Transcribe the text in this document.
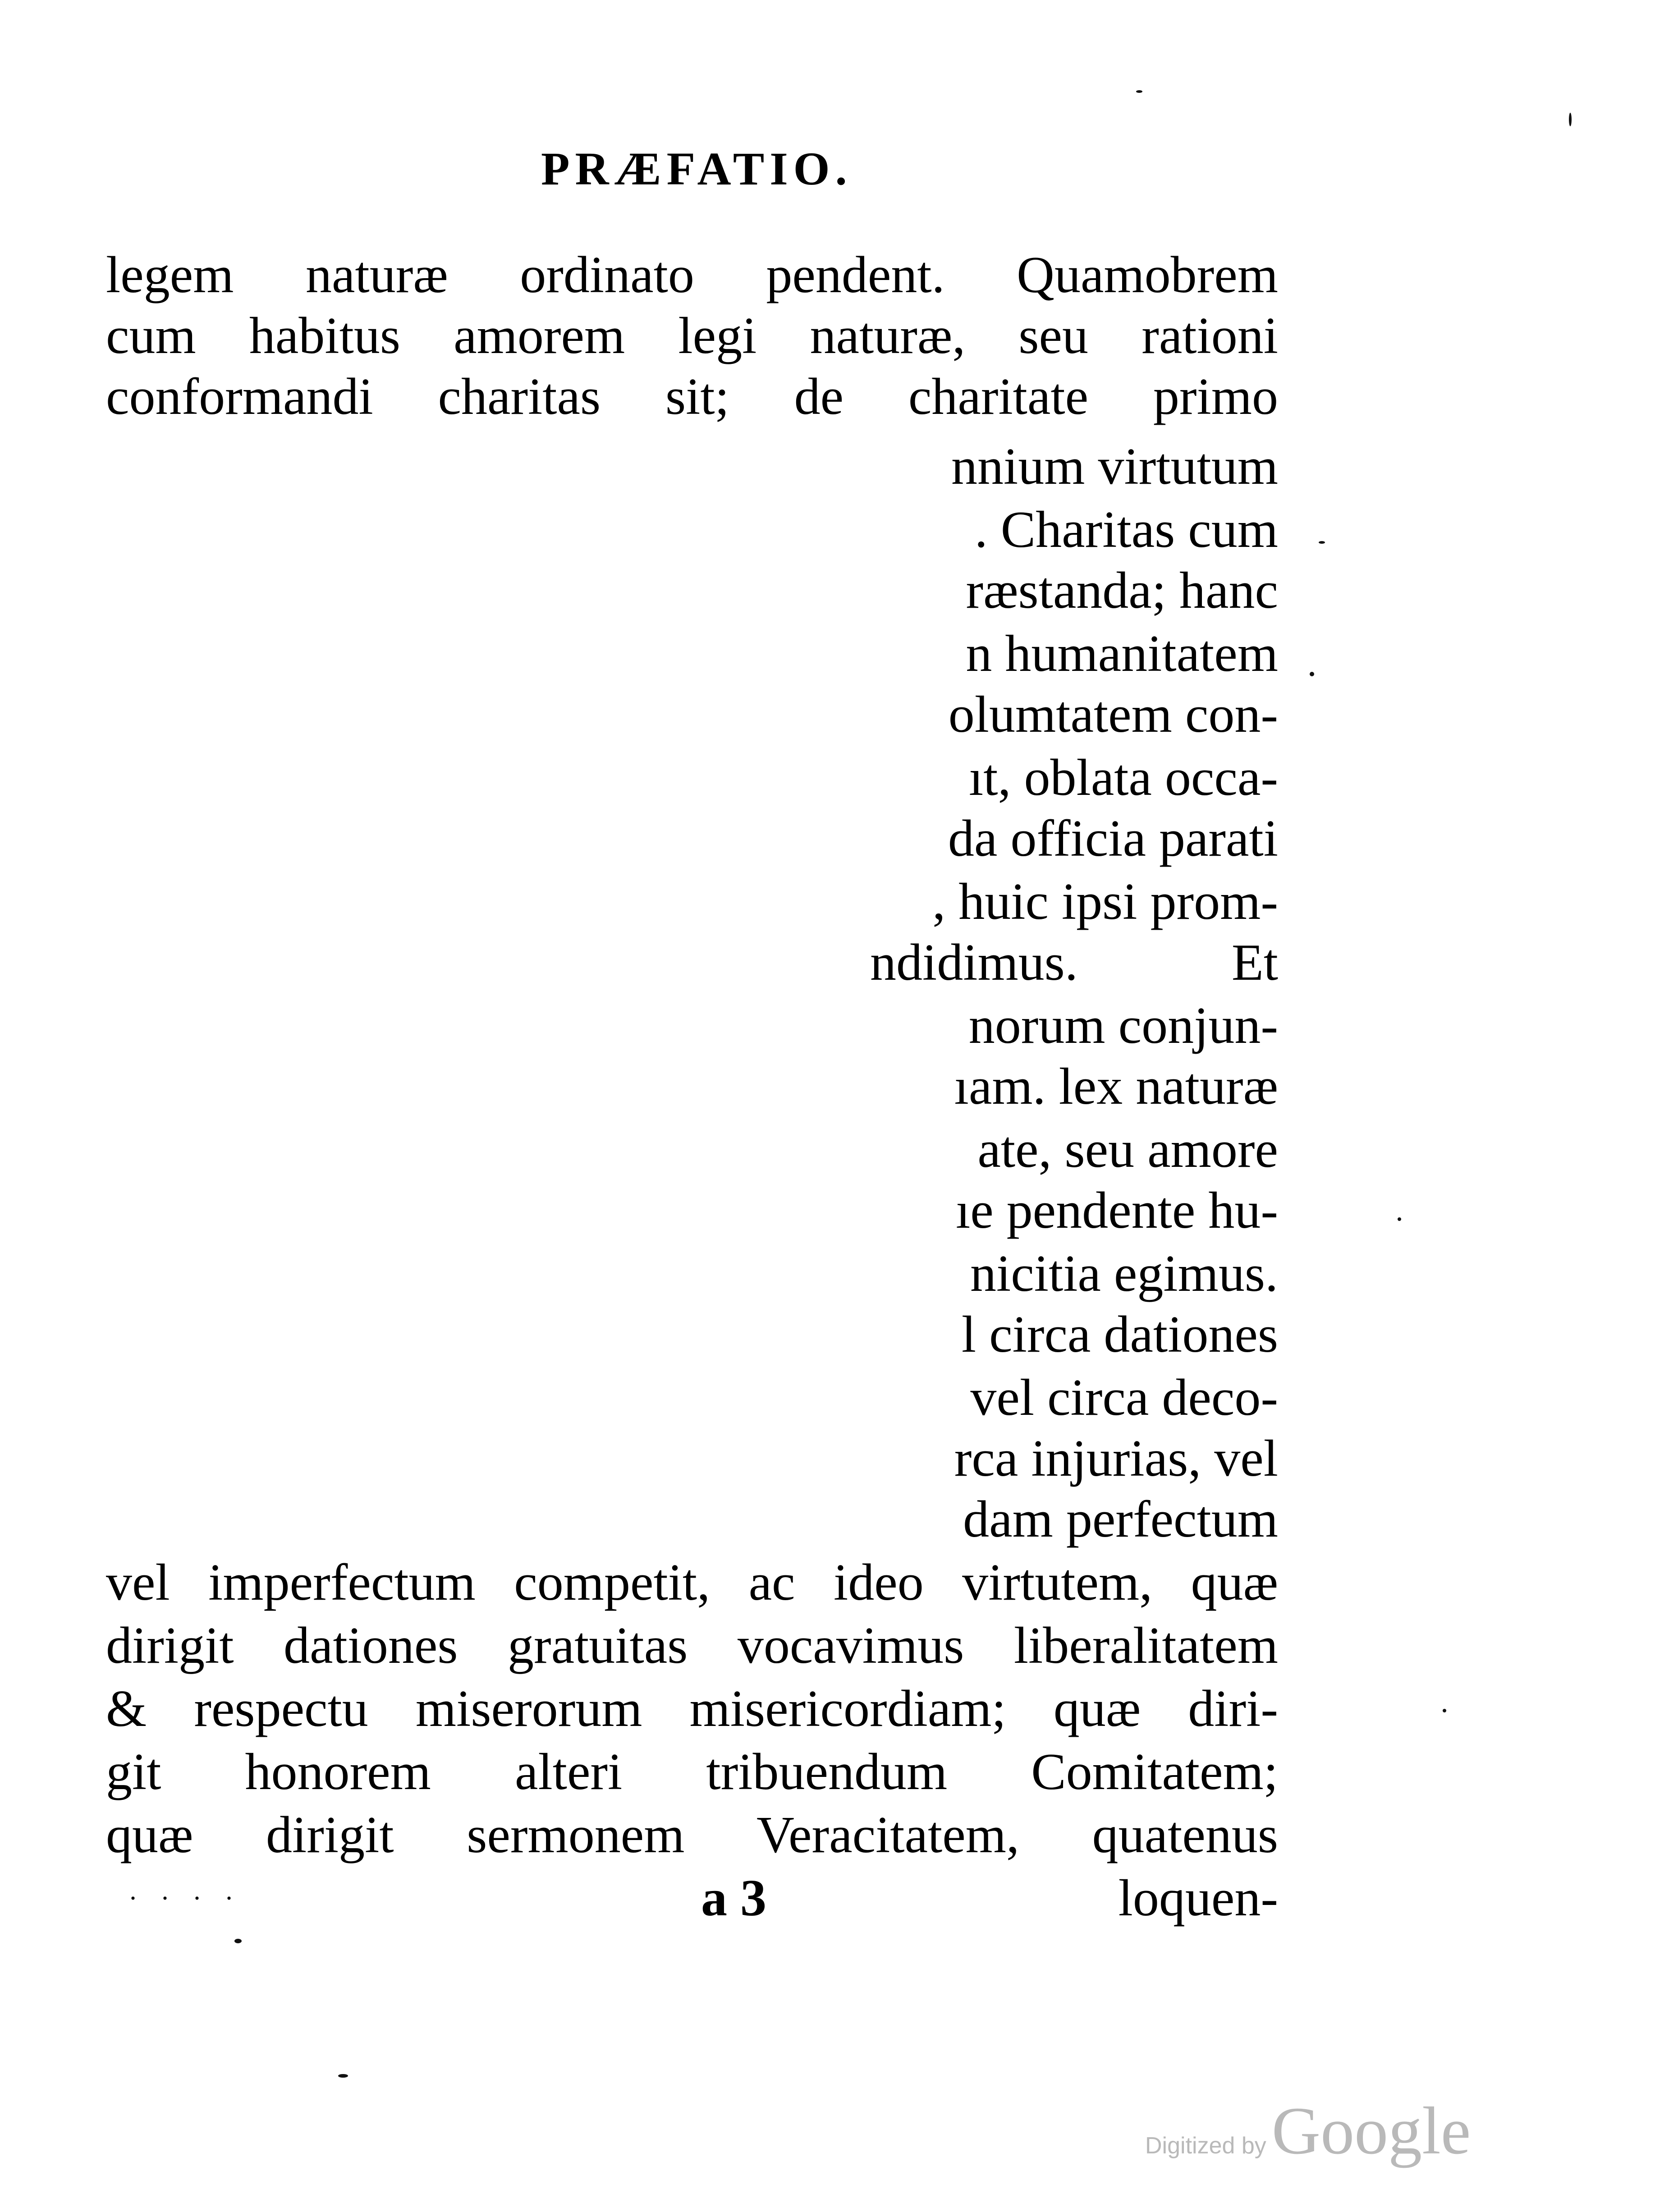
PRÆFATIO.
legem naturæ ordinato pendent. Quamobrem
cum habitus amorem legi naturæ, seu rationi
conformandi charitas sit; de charitate primo
nnium virtutum
. Charitas cum
ræstanda; hanc
n humanitatem
olumtatem con-
ıt, oblata occa-
da officia parati
, huic ipsi prom-
ndidimus. Et
norum conjun-
ıam. lex naturæ
ate, seu amore
ıe pendente hu-
nicitia egimus.
l circa dationes
vel circa deco-
rca injurias, vel
dam perfectum
vel imperfectum competit, ac ideo virtutem, quæ
dirigit dationes gratuitas vocavimus liberalitatem
& respectu miserorum misericordiam; quæ diri-
git honorem alteri tribuendum Comitatem;
quæ dirigit sermonem Veracitatem, quatenus
· · · ·	a 3	loquen-
Digitized byGoogle
